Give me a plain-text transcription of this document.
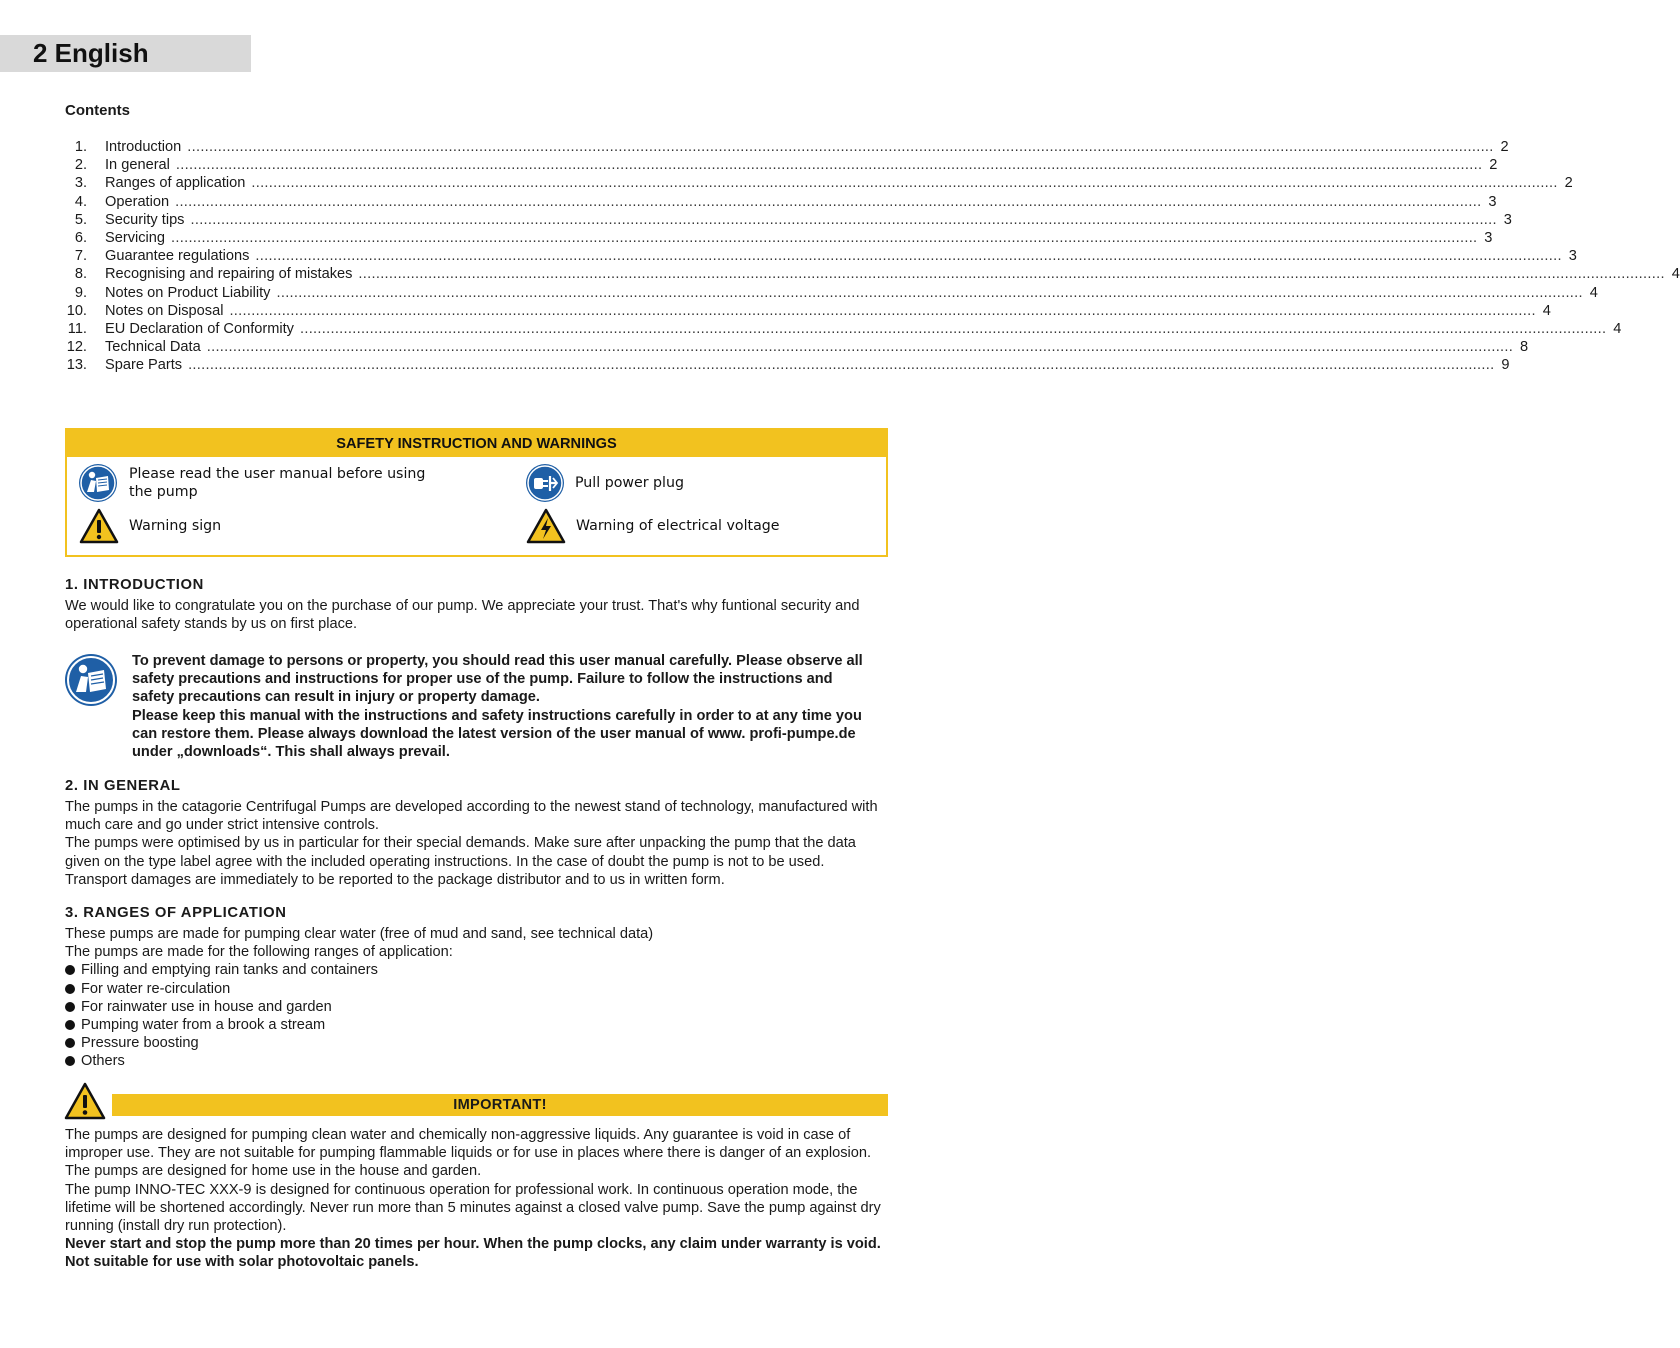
2 English
Contents
1. Introduction ............................................................................................................................................................................................................................................................................................................ 2
2. In general ............................................................................................................................................................................................................................................................................................................ 2
3. Ranges of application ............................................................................................................................................................................................................................................................................................................ 2
4. Operation ............................................................................................................................................................................................................................................................................................................ 3
5. Security tips ............................................................................................................................................................................................................................................................................................................ 3
6. Servicing ............................................................................................................................................................................................................................................................................................................ 3
7. Guarantee regulations ............................................................................................................................................................................................................................................................................................................ 3
8. Recognising and repairing of mistakes ............................................................................................................................................................................................................................................................................................................ 4
9. Notes on Product Liability ............................................................................................................................................................................................................................................................................................................ 4
10. Notes on Disposal ............................................................................................................................................................................................................................................................................................................ 4
11. EU Declaration of Conformity ............................................................................................................................................................................................................................................................................................................ 4
12. Technical Data ............................................................................................................................................................................................................................................................................................................ 8
13. Spare Parts ............................................................................................................................................................................................................................................................................................................ 9
SAFETY INSTRUCTION AND WARNINGS
Please read the user manual before using the pump
Warning sign
Pull power plug
Warning of electrical voltage
1. INTRODUCTION

We would like to congratulate you on the purchase of our pump. We appreciate your trust. That's why funtional security and operational safety stands by us on first place.

To prevent damage to persons or property, you should read this user manual carefully. Please observe all safety precautions and instructions for proper use of the pump. Failure to follow the instructions and safety precautions can result in injury or property damage.

Please keep this manual with the instructions and safety instructions carefully in order to at any time you can restore them. Please always download the latest version of the user manual of www. profi-pumpe.de under „downloads“. This shall always prevail.

2. IN GENERAL

The pumps in the catagorie Centrifugal Pumps are developed according to the newest stand of technology, manufactured with much care and go under strict intensive controls.

The pumps were optimised by us in particular for their special demands. Make sure after unpacking the pump that the data given on the type label agree with the included operating instructions. In the case of doubt the pump is not to be used. Transport damages are immediately to be reported to the package distributor and to us in written form.

3. RANGES OF APPLICATION

These pumps are made for pumping clear water (free of mud and sand, see technical data)

The pumps are made for the following ranges of application:

Filling and emptying rain tanks and containers
For water re-circulation
For rainwater use in house and garden
Pumping water from a brook a stream
Pressure boosting
Others
IMPORTANT!

The pumps are designed for pumping clean water and chemically non-aggressive liquids. Any guarantee is void in case of improper use. They are not suitable for pumping flammable liquids or for use in places where there is danger of an explosion. The pumps are designed for home use in the house and garden.

The pump INNO-TEC XXX-9 is designed for continuous operation for professional work. In continuous operation mode, the lifetime will be shortened accordingly. Never run more than 5 minutes against a closed valve pump. Save the pump against dry running (install dry run protection).

Never start and stop the pump more than 20 times per hour. When the pump clocks, any claim under warranty is void. Not suitable for use with solar photovoltaic panels.
